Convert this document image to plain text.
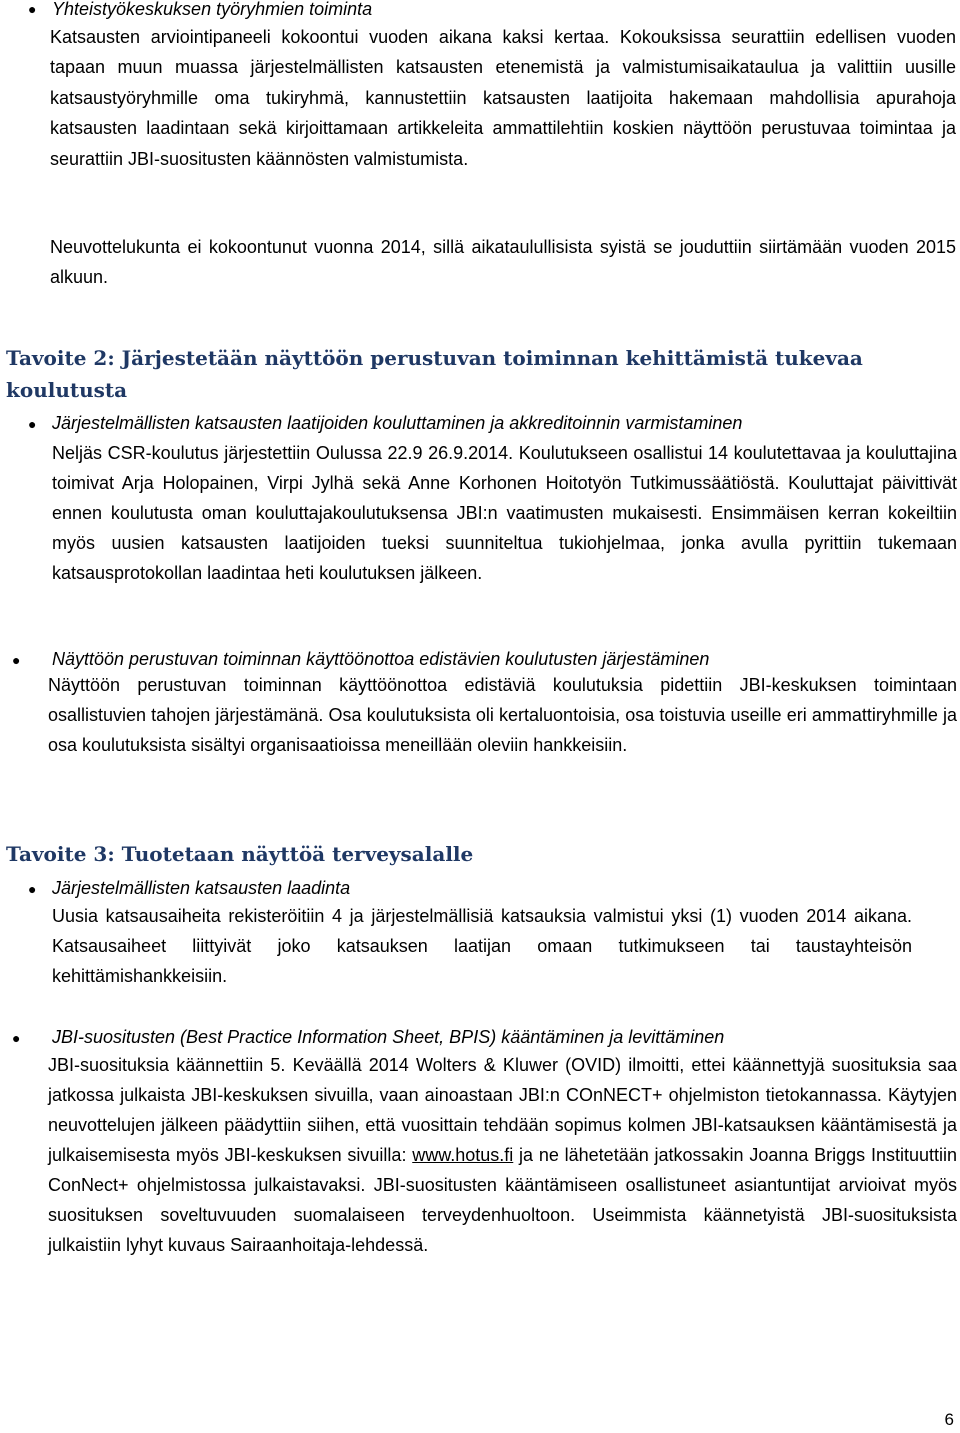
● Yhteistyökeskuksen työryhmien toiminta
Katsausten arviointipaneeli kokoontui vuoden aikana kaksi kertaa. Kokouksissa seurattiin edellisen vuoden tapaan muun muassa järjestelmällisten katsausten etenemistä ja valmistumisaikataulua ja valittiin uusille katsaustyöryhmille oma tukiryhmä, kannustettiin katsausten laatijoita hakemaan mahdollisia apurahoja katsausten laadintaan sekä kirjoittamaan artikkeleita ammattilehtiin koskien näyttöön perustuvaa toimintaa ja seurattiin JBI-suositusten käännösten valmistumista.
Neuvottelukunta ei kokoontunut vuonna 2014, sillä aikataulullisista syistä se jouduttiin siirtämään vuoden 2015 alkuun.
Tavoite 2: Järjestetään näyttöön perustuvan toiminnan kehittämistä tukevaa koulutusta
● Järjestelmällisten katsausten laatijoiden kouluttaminen ja akkreditoinnin varmistaminen
Neljäs CSR-koulutus järjestettiin Oulussa 22.9 26.9.2014. Koulutukseen osallistui 14 koulutettavaa ja kouluttajina toimivat Arja Holopainen, Virpi Jylhä sekä Anne Korhonen Hoitotyön Tutkimussäätiöstä. Kouluttajat päivittivät ennen koulutusta oman kouluttajakoulutuksensa JBI:n vaatimusten mukaisesti. Ensimmäisen kerran kokeiltiin myös uusien katsausten laatijoiden tueksi suunniteltua tukiohjelmaa, jonka avulla pyrittiin tukemaan katsausprotokollan laadintaa heti koulutuksen jälkeen.
● Näyttöön perustuvan toiminnan käyttöönottoa edistävien koulutusten järjestäminen
Näyttöön perustuvan toiminnan käyttöönottoa edistäviä koulutuksia pidettiin JBI-keskuksen toimintaan osallistuvien tahojen järjestämänä. Osa koulutuksista oli kertaluontoisia, osa toistuvia useille eri ammattiryhmille ja osa koulutuksista sisältyi organisaatioissa meneillään oleviin hankkeisiin.
Tavoite 3: Tuotetaan näyttöä terveysalalle
● Järjestelmällisten katsausten laadinta
Uusia katsausaiheita rekisteröitiin 4 ja järjestelmällisiä katsauksia valmistui yksi (1) vuoden 2014 aikana. Katsausaiheet liittyivät joko katsauksen laatijan omaan tutkimukseen tai taustayhteisön kehittämishankkeisiin.
● JBI-suositusten (Best Practice Information Sheet, BPIS) kääntäminen ja levittäminen
JBI-suosituksia käännettiin 5. Keväällä 2014 Wolters & Kluwer (OVID) ilmoitti, ettei käännettyjä suosituksia saa jatkossa julkaista JBI-keskuksen sivuilla, vaan ainoastaan JBI:n COnNECT+ ohjelmiston tietokannassa. Käytyjen neuvottelujen jälkeen päädyttiin siihen, että vuosittain tehdään sopimus kolmen JBI-katsauksen kääntämisestä ja julkaisemisesta myös JBI-keskuksen sivuilla: www.hotus.fi ja ne lähetetään jatkossakin Joanna Briggs Instituuttiin ConNect+ ohjelmistossa julkaistavaksi. JBI-suositusten kääntämiseen osallistuneet asiantuntijat arvioivat myös suosituksen soveltuvuuden suomalaiseen terveydenhuoltoon. Useimmista käännetyistä JBI-suosituksista julkaistiin lyhyt kuvaus Sairaanhoitaja-lehdessä.
6
